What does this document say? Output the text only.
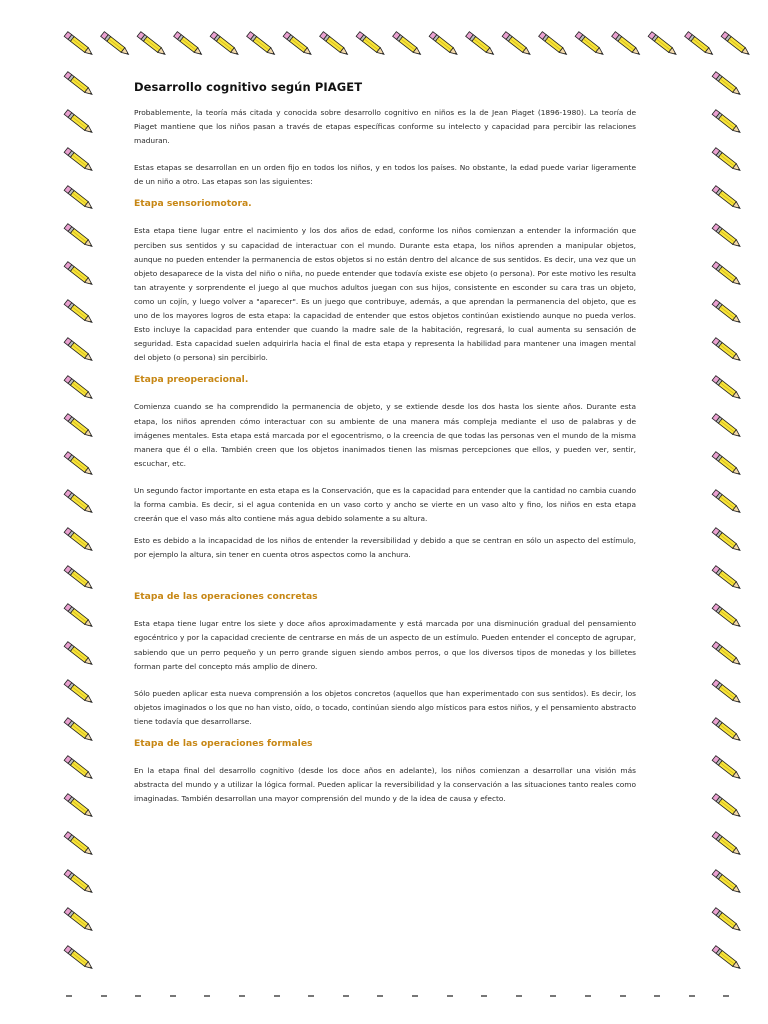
Desarrollo cognitivo según PIAGET

Probablemente, la teoría más citada y conocida sobre desarrollo cognitivo en niños es la de Jean Piaget (1896-1980). La teoría de Piaget mantiene que los niños pasan a través de etapas específicas conforme su intelecto y capacidad para percibir las relaciones maduran.

Estas etapas se desarrollan en un orden fijo en todos los niños, y en todos los países. No obstante, la edad puede variar ligeramente de un niño a otro. Las etapas son las siguientes:

Etapa sensoriomotora.

Esta etapa tiene lugar entre el nacimiento y los dos años de edad, conforme los niños comienzan a entender la información que perciben sus sentidos y su capacidad de interactuar con el mundo. Durante esta etapa, los niños aprenden a manipular objetos, aunque no pueden entender la permanencia de estos objetos si no están dentro del alcance de sus sentidos. Es decir, una vez que un objeto desaparece de la vista del niño o niña, no puede entender que todavía existe ese objeto (o persona). Por este motivo les resulta tan atrayente y sorprendente el juego al que muchos adultos juegan con sus hijos, consistente en esconder su cara tras un objeto, como un cojín, y luego volver a "aparecer". Es un juego que contribuye, además, a que aprendan la permanencia del objeto, que es uno de los mayores logros de esta etapa: la capacidad de entender que estos objetos continúan existiendo aunque no pueda verlos. Esto incluye la capacidad para entender que cuando la madre sale de la habitación, regresará, lo cual aumenta su sensación de seguridad. Esta capacidad suelen adquirirla hacia el final de esta etapa y representa la habilidad para mantener una imagen mental del objeto (o persona) sin percibirlo.

Etapa preoperacional.

Comienza cuando se ha comprendido la permanencia de objeto, y se extiende desde los dos hasta los siente años. Durante esta etapa, los niños aprenden cómo interactuar con su ambiente de una manera más compleja mediante el uso de palabras y de imágenes mentales. Esta etapa está marcada por el egocentrismo, o la creencia de que todas las personas ven el mundo de la misma manera que él o ella. También creen que los objetos inanimados tienen las mismas percepciones que ellos, y pueden ver, sentir, escuchar, etc.

Un segundo factor importante en esta etapa es la Conservación, que es la capacidad para entender que la cantidad no cambia cuando la forma cambia. Es decir, si el agua contenida en un vaso corto y ancho se vierte en un vaso alto y fino, los niños en esta etapa creerán que el vaso más alto contiene más agua debido solamente a su altura.

Esto es debido a la incapacidad de los niños de entender la reversibilidad y debido a que se centran en sólo un aspecto del estímulo, por ejemplo la altura, sin tener en cuenta otros aspectos como la anchura.

Etapa de las operaciones concretas

Esta etapa tiene lugar entre los siete y doce años aproximadamente y está marcada por una disminución gradual del pensamiento egocéntrico y por la capacidad creciente de centrarse en más de un aspecto de un estímulo. Pueden entender el concepto de agrupar, sabiendo que un perro pequeño y un perro grande siguen siendo ambos perros, o que los diversos tipos de monedas y los billetes forman parte del concepto más amplio de dinero.

Sólo pueden aplicar esta nueva comprensión a los objetos concretos (aquellos que han experimentado con sus sentidos). Es decir, los objetos imaginados o los que no han visto, oído, o tocado, continúan siendo algo místicos para estos niños, y el pensamiento abstracto tiene todavía que desarrollarse.

Etapa de las operaciones formales

En la etapa final del desarrollo cognitivo (desde los doce años en adelante), los niños comienzan a desarrollar una visión más abstracta del mundo y a utilizar la lógica formal. Pueden aplicar la reversibilidad y la conservación a las situaciones tanto reales como imaginadas. También desarrollan una mayor comprensión del mundo y de la idea de causa y efecto.
